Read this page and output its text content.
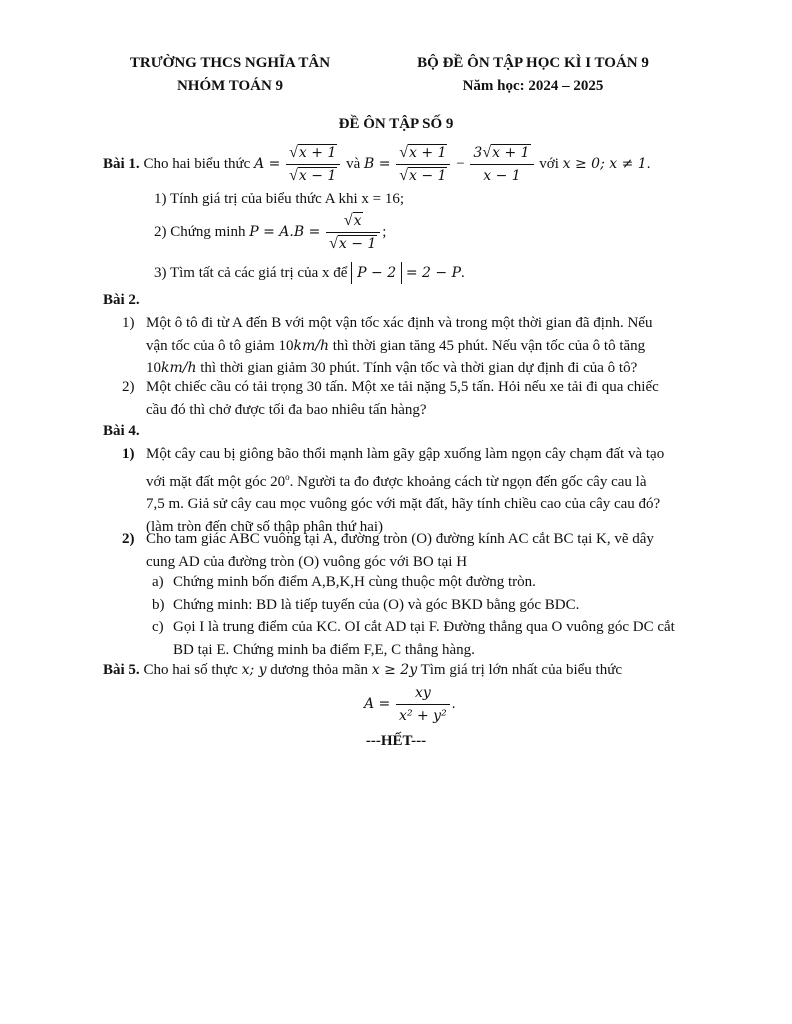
TRƯỜNG THCS NGHĨA TÂN
NHÓM TOÁN 9
BỘ ĐỀ ÔN TẬP HỌC KÌ I TOÁN 9
Năm học: 2024 – 2025
ĐỀ ÔN TẬP SỐ 9
Bài 1. Cho hai biểu thức $A = \frac{√x + 1}{√x - 1}$ và $B = \frac{√x + 1}{√x - 1} - \frac{3√x + 1}{x - 1}$ với x ≥ 0; x ≠ 1.
1) Tính giá trị của biểu thức A khi x = 16;
2) Chứng minh $P = A.B = \frac{√x}{√x - 1}$ ;
3) Tìm tất cả các giá trị của x để P − 2 = 2 − P.
Bài 2.
1) Một ô tô đi từ A đến B với một vận tốc xác định và trong một thời gian đã định. Nếu
vận tốc của ô tô giảm 10km/h thì thời gian tăng 45 phút. Nếu vận tốc của ô tô tăng
10km/h thì thời gian giảm 30 phút. Tính vận tốc và thời gian dự định đi của ô tô?
2) Một chiếc cầu có tải trọng 30 tấn. Một xe tải nặng 5,5 tấn. Hỏi nếu xe tải đi qua chiếc
cầu đó thì chở được tối đa bao nhiêu tấn hàng?
Bài 4.
1) Một cây cau bị giông bão thổi mạnh làm gãy gập xuống làm ngọn cây chạm đất và tạo
với mặt đất một góc 20$^o$. Người ta đo được khoảng cách từ ngọn đến gốc cây cau là
7,5 m. Giả sử cây cau mọc vuông góc với mặt đất, hãy tính chiều cao của cây cau đó?
(làm tròn đến chữ số thập phân thứ hai)
2) Cho tam giác ABC vuông tại A, đường tròn (O) đường kính AC cắt BC tại K, vẽ dây
cung AD của đường tròn (O) vuông góc với BO tại H
a) Chứng minh bốn điểm A,B,K,H cùng thuộc một đường tròn.
b) Chứng minh: BD là tiếp tuyến của (O) và góc BKD bằng góc BDC.
c) Gọi I là trung điểm của KC. OI cắt AD tại F. Đường thẳng qua O vuông góc DC cắt
BD tại E. Chứng minh ba điểm F,E, C thẳng hàng.
Bài 5. Cho hai số thực x; y dương thỏa mãn x ≥ 2y Tìm giá trị lớn nhất của biểu thức
$A = \frac{xy}{\text{x² + y²}}$ .
---HẾT---
